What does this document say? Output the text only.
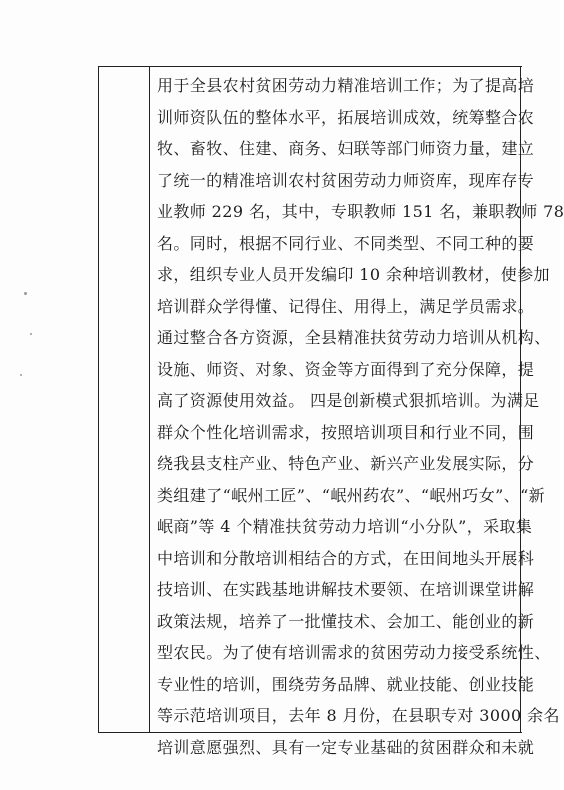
用于全县农村贫困劳动力精准培训工作；为了提高培
训师资队伍的整体水平，拓展培训成效，统筹整合农
牧、畜牧、住建、商务、妇联等部门师资力量，建立
了统一的精准培训农村贫困劳动力师资库，现库存专
业教师 229 名，其中，专职教师 151 名，兼职教师 78
名。同时，根据不同行业、不同类型、不同工种的要
求，组织专业人员开发编印 10 余种培训教材，使参加
培训群众学得懂、记得住、用得上，满足学员需求。
通过整合各方资源，全县精准扶贫劳动力培训从机构、
设施、师资、对象、资金等方面得到了充分保障，提
高了资源使用效益。 四是创新模式狠抓培训。为满足
群众个性化培训需求，按照培训项目和行业不同，围
绕我县支柱产业、特色产业、新兴产业发展实际，分
类组建了“岷州工匠”、“岷州药农”、“岷州巧女”、“新
岷商”等 4 个精准扶贫劳动力培训“小分队”，采取集
中培训和分散培训相结合的方式，在田间地头开展科
技培训、在实践基地讲解技术要领、在培训课堂讲解
政策法规，培养了一批懂技术、会加工、能创业的新
型农民。为了使有培训需求的贫困劳动力接受系统性、
专业性的培训，围绕劳务品牌、就业技能、创业技能
等示范培训项目，去年 8 月份，在县职专对 3000 余名
培训意愿强烈、具有一定专业基础的贫困群众和未就
